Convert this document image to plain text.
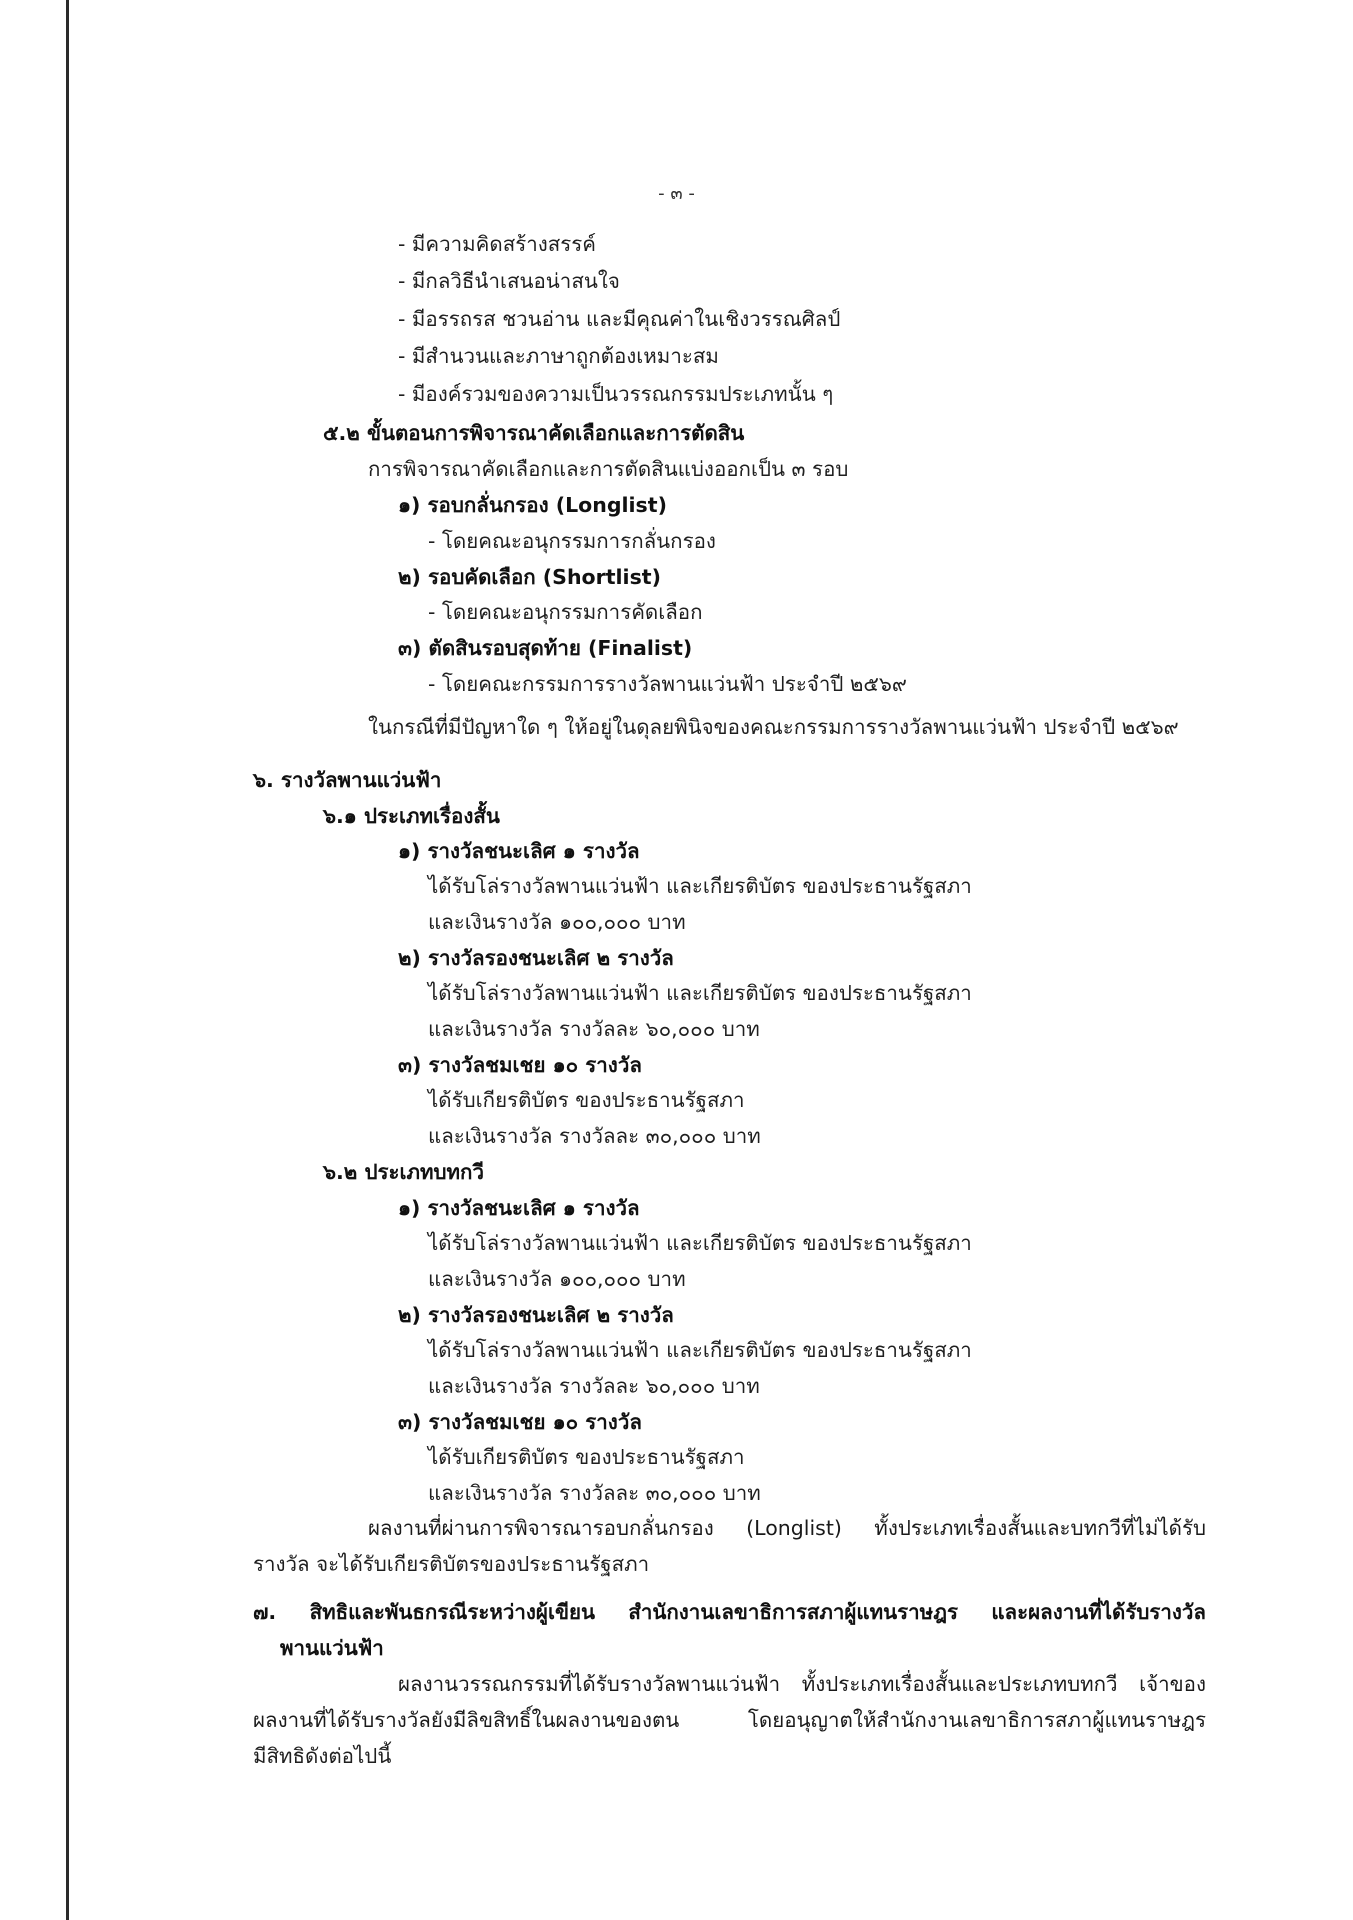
- ๓ -
- มีความคิดสร้างสรรค์
- มีกลวิธีนำเสนอน่าสนใจ
- มีอรรถรส ชวนอ่าน และมีคุณค่าในเชิงวรรณศิลป์
- มีสำนวนและภาษาถูกต้องเหมาะสม
- มีองค์รวมของความเป็นวรรณกรรมประเภทนั้น ๆ
๕.๒ ขั้นตอนการพิจารณาคัดเลือกและการตัดสิน
การพิจารณาคัดเลือกและการตัดสินแบ่งออกเป็น ๓ รอบ
๑) รอบกลั่นกรอง (Longlist)
- โดยคณะอนุกรรมการกลั่นกรอง
๒) รอบคัดเลือก (Shortlist)
- โดยคณะอนุกรรมการคัดเลือก
๓) ตัดสินรอบสุดท้าย (Finalist)
- โดยคณะกรรมการรางวัลพานแว่นฟ้า ประจำปี ๒๕๖๙
ในกรณีที่มีปัญหาใด ๆ ให้อยู่ในดุลยพินิจของคณะกรรมการรางวัลพานแว่นฟ้า ประจำปี ๒๕๖๙
๖. รางวัลพานแว่นฟ้า
๖.๑ ประเภทเรื่องสั้น
๑) รางวัลชนะเลิศ ๑ รางวัล
ได้รับโล่รางวัลพานแว่นฟ้า และเกียรติบัตร ของประธานรัฐสภา
และเงินรางวัล ๑๐๐,๐๐๐ บาท
๒) รางวัลรองชนะเลิศ ๒ รางวัล
ได้รับโล่รางวัลพานแว่นฟ้า และเกียรติบัตร ของประธานรัฐสภา
และเงินรางวัล รางวัลละ ๖๐,๐๐๐ บาท
๓) รางวัลชมเชย ๑๐ รางวัล
ได้รับเกียรติบัตร ของประธานรัฐสภา
และเงินรางวัล รางวัลละ ๓๐,๐๐๐ บาท
๖.๒ ประเภทบทกวี
๑) รางวัลชนะเลิศ ๑ รางวัล
ได้รับโล่รางวัลพานแว่นฟ้า และเกียรติบัตร ของประธานรัฐสภา
และเงินรางวัล ๑๐๐,๐๐๐ บาท
๒) รางวัลรองชนะเลิศ ๒ รางวัล
ได้รับโล่รางวัลพานแว่นฟ้า และเกียรติบัตร ของประธานรัฐสภา
และเงินรางวัล รางวัลละ ๖๐,๐๐๐ บาท
๓) รางวัลชมเชย ๑๐ รางวัล
ได้รับเกียรติบัตร ของประธานรัฐสภา
และเงินรางวัล รางวัลละ ๓๐,๐๐๐ บาท
ผลงานที่ผ่านการพิจารณารอบกลั่นกรอง (Longlist) ทั้งประเภทเรื่องสั้นและบทกวีที่ไม่ได้รับ
รางวัล จะได้รับเกียรติบัตรของประธานรัฐสภา
๗. สิทธิและพันธกรณีระหว่างผู้เขียน สำนักงานเลขาธิการสภาผู้แทนราษฎร และผลงานที่ได้รับรางวัล
พานแว่นฟ้า
ผลงานวรรณกรรมที่ได้รับรางวัลพานแว่นฟ้า ทั้งประเภทเรื่องสั้นและประเภทบทกวี เจ้าของ
ผลงานที่ได้รับรางวัลยังมีลิขสิทธิ์ในผลงานของตน โดยอนุญาตให้สำนักงานเลขาธิการสภาผู้แทนราษฎร
มีสิทธิดังต่อไปนี้
